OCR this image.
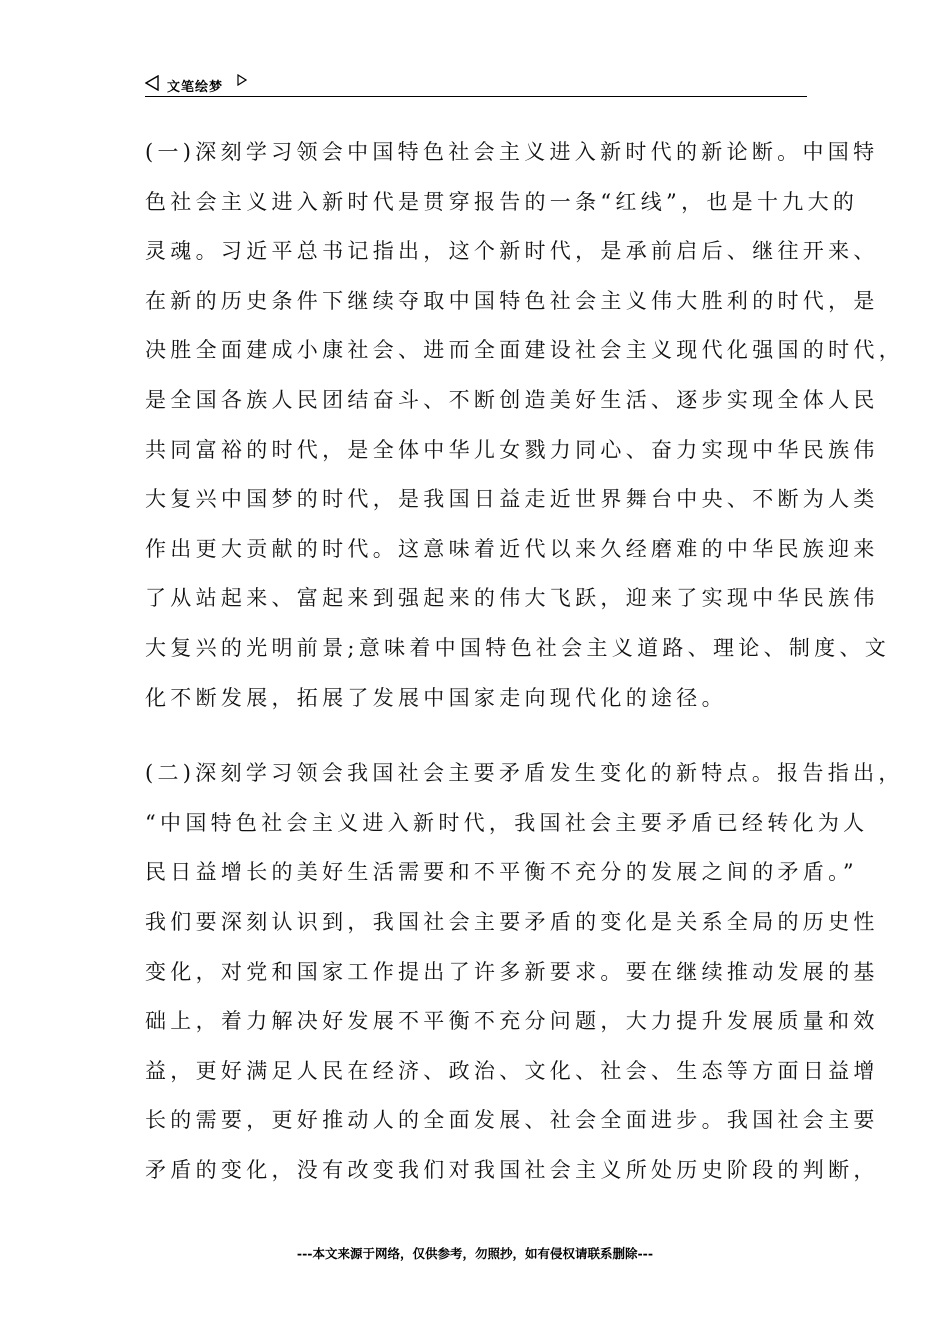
文笔绘梦

(一)深刻学习领会中国特色社会主义进入新时代的新论断。中国特

色社会主义进入新时代是贯穿报告的一条“红线”，也是十九大的

灵魂。习近平总书记指出，这个新时代，是承前启后、继往开来、

在新的历史条件下继续夺取中国特色社会主义伟大胜利的时代，是

决胜全面建成小康社会、进而全面建设社会主义现代化强国的时代，

是全国各族人民团结奋斗、不断创造美好生活、逐步实现全体人民

共同富裕的时代，是全体中华儿女戮力同心、奋力实现中华民族伟

大复兴中国梦的时代，是我国日益走近世界舞台中央、不断为人类

作出更大贡献的时代。这意味着近代以来久经磨难的中华民族迎来

了从站起来、富起来到强起来的伟大飞跃，迎来了实现中华民族伟

大复兴的光明前景;意味着中国特色社会主义道路、理论、制度、文

化不断发展，拓展了发展中国家走向现代化的途径。

(二)深刻学习领会我国社会主要矛盾发生变化的新特点。报告指出，

“中国特色社会主义进入新时代，我国社会主要矛盾已经转化为人

民日益增长的美好生活需要和不平衡不充分的发展之间的矛盾。”

我们要深刻认识到，我国社会主要矛盾的变化是关系全局的历史性

变化，对党和国家工作提出了许多新要求。要在继续推动发展的基

础上，着力解决好发展不平衡不充分问题，大力提升发展质量和效

益，更好满足人民在经济、政治、文化、社会、生态等方面日益增

长的需要，更好推动人的全面发展、社会全面进步。我国社会主要

矛盾的变化，没有改变我们对我国社会主义所处历史阶段的判断，

---本文来源于网络，仅供参考，勿照抄，如有侵权请联系删除---
